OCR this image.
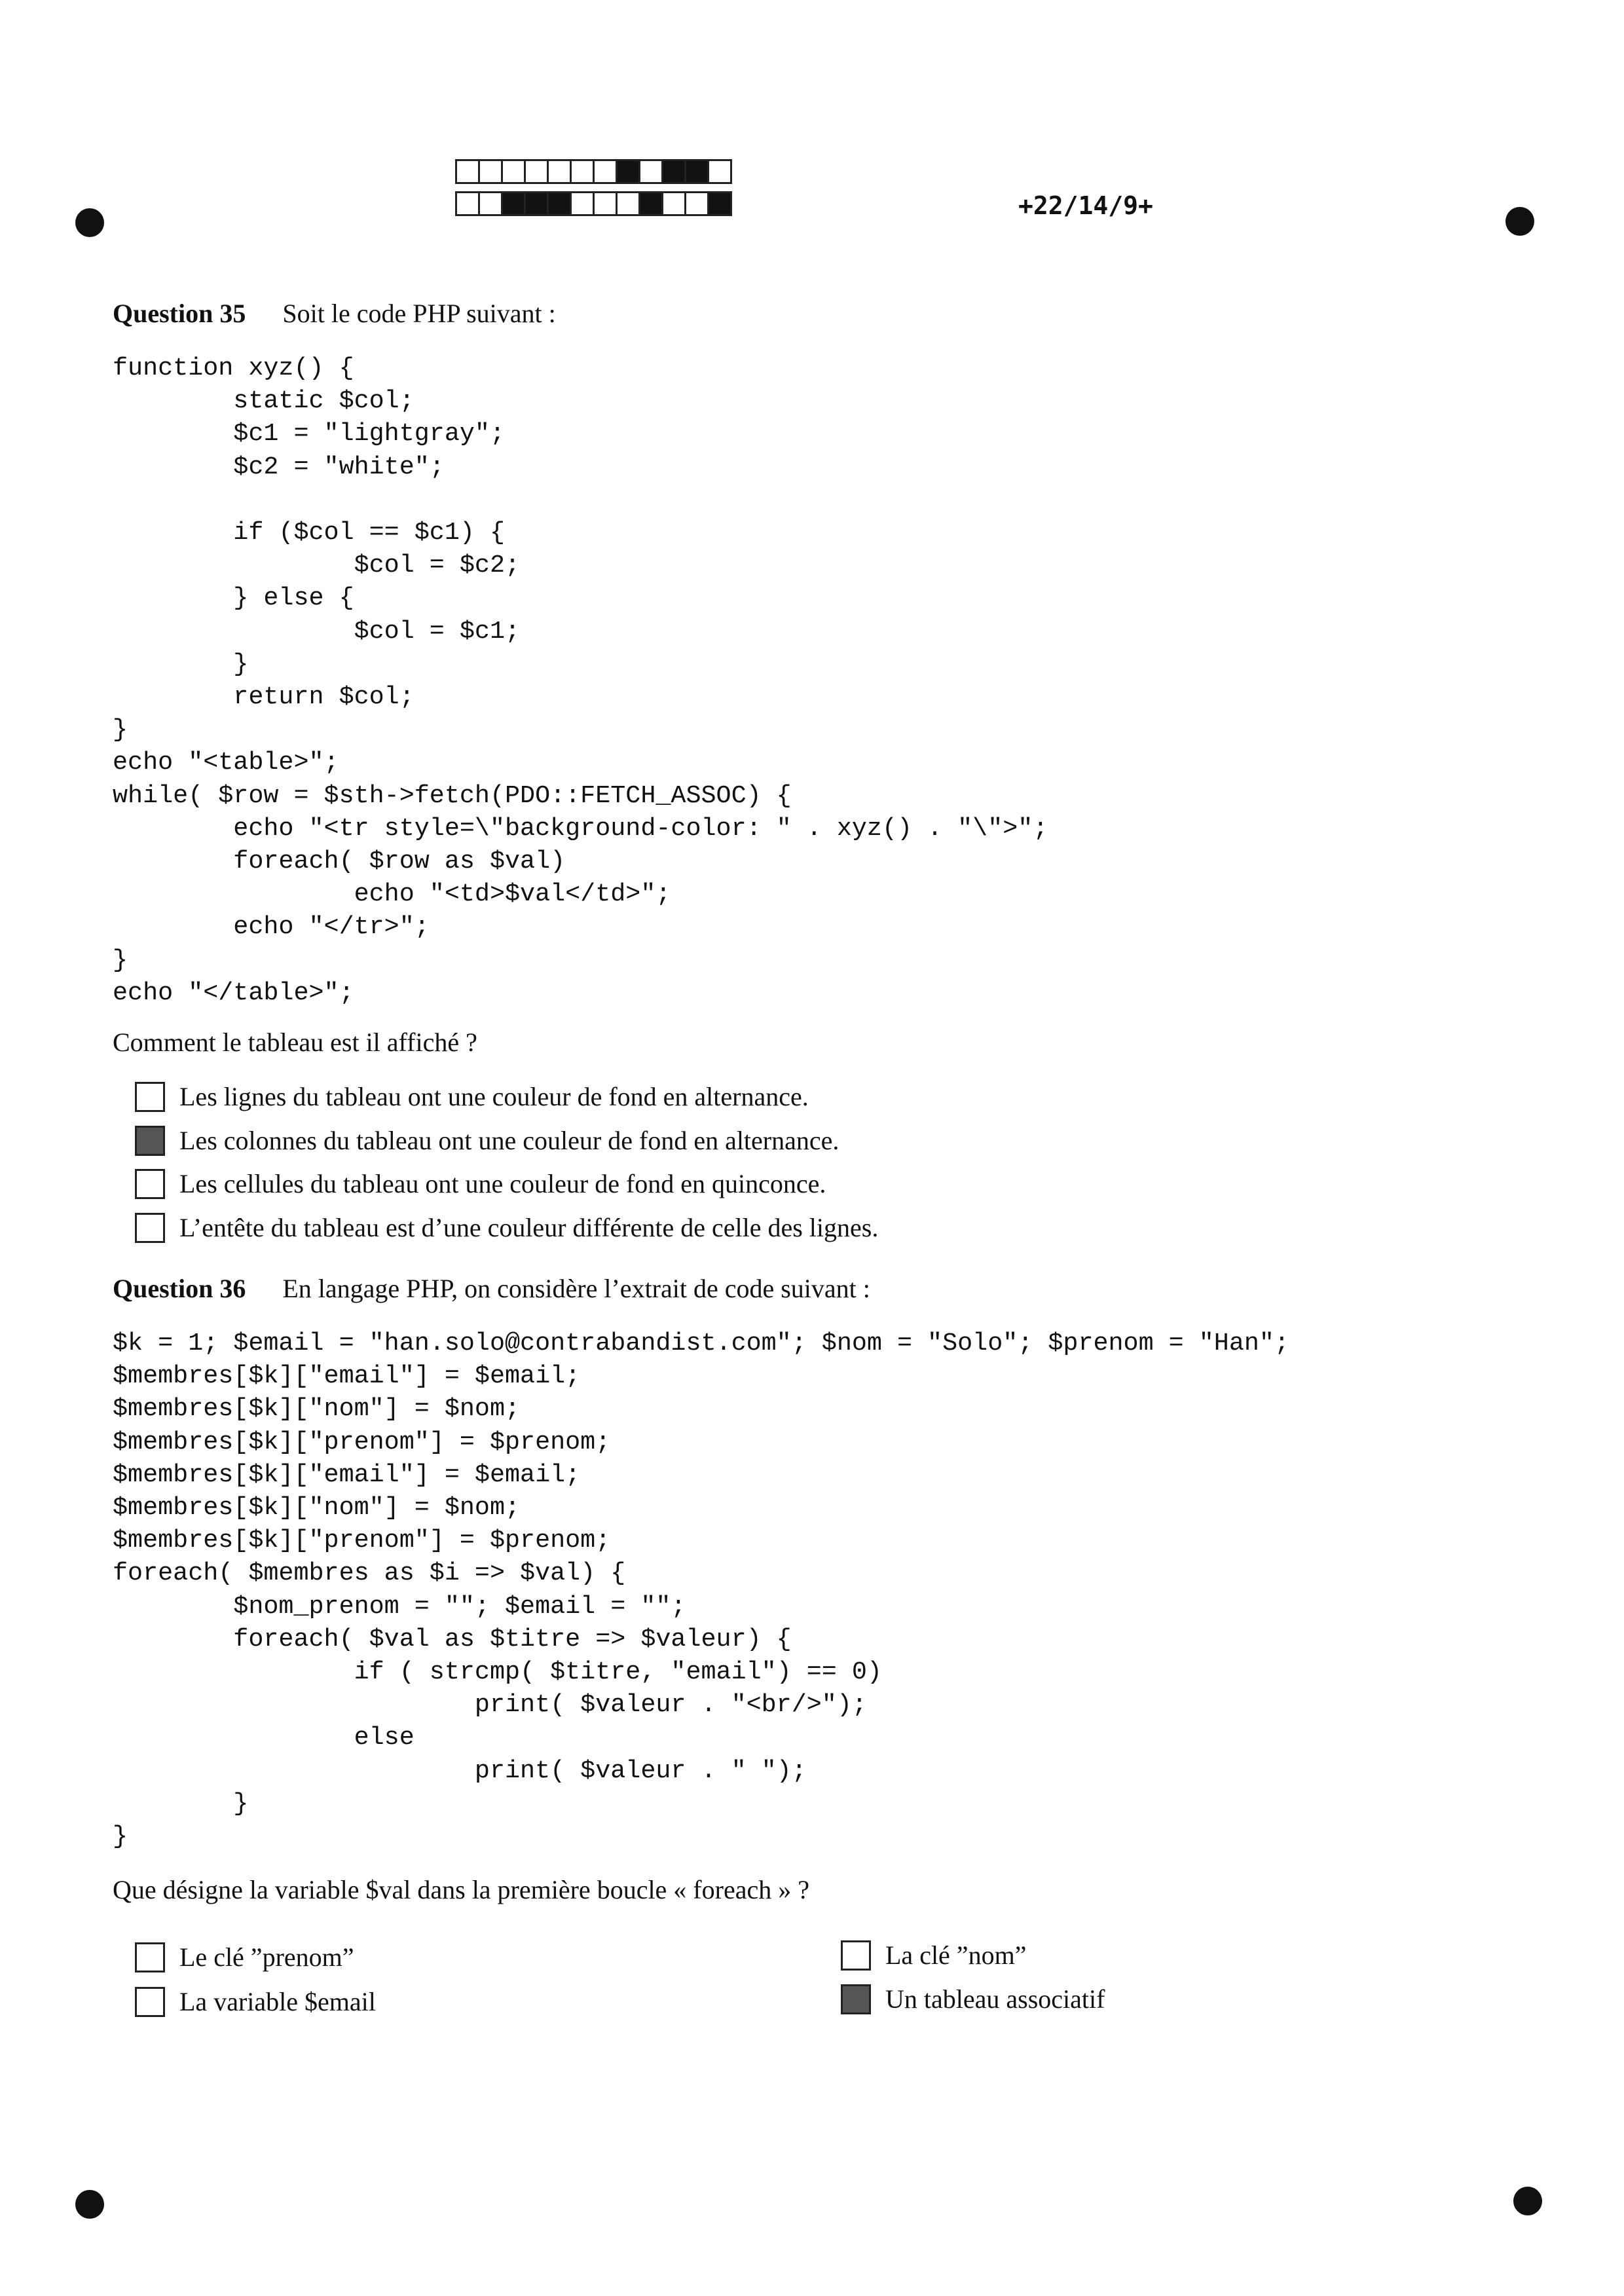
+22/14/9+
Question 35 Soit le code PHP suivant :
function xyz() {
static $col;
$c1 = "lightgray";
$c2 = "white";

if ($col == $c1) {
$col = $c2;
} else {
$col = $c1;
}
return $col;
}
echo "<table>";
while( $row = $sth->fetch(PDO::FETCH_ASSOC) {
echo "<tr style=\"background-color: " . xyz() . "\">";
foreach( $row as $val)
echo "<td>$val</td>";
echo "</tr>";
}
echo "</table>";
Comment le tableau est il affiché ?
Les lignes du tableau ont une couleur de fond en alternance.
Les colonnes du tableau ont une couleur de fond en alternance.
Les cellules du tableau ont une couleur de fond en quinconce.
L’entête du tableau est d’une couleur différente de celle des lignes.
Question 36 En langage PHP, on considère l’extrait de code suivant :
$k = 1; $email = "han.solo@contrabandist.com"; $nom = "Solo"; $prenom = "Han";
$membres[$k]["email"] = $email;
$membres[$k]["nom"] = $nom;
$membres[$k]["prenom"] = $prenom;
$membres[$k]["email"] = $email;
$membres[$k]["nom"] = $nom;
$membres[$k]["prenom"] = $prenom;
foreach( $membres as $i => $val) {
$nom_prenom = ""; $email = "";
foreach( $val as $titre => $valeur) {
if ( strcmp( $titre, "email") == 0)
print( $valeur . "<br/>");
else
print( $valeur . " ");
}
}
Que désigne la variable $val dans la première boucle « foreach » ?
Le clé ”prenom”	La clé ”nom”
La variable $email	Un tableau associatif
